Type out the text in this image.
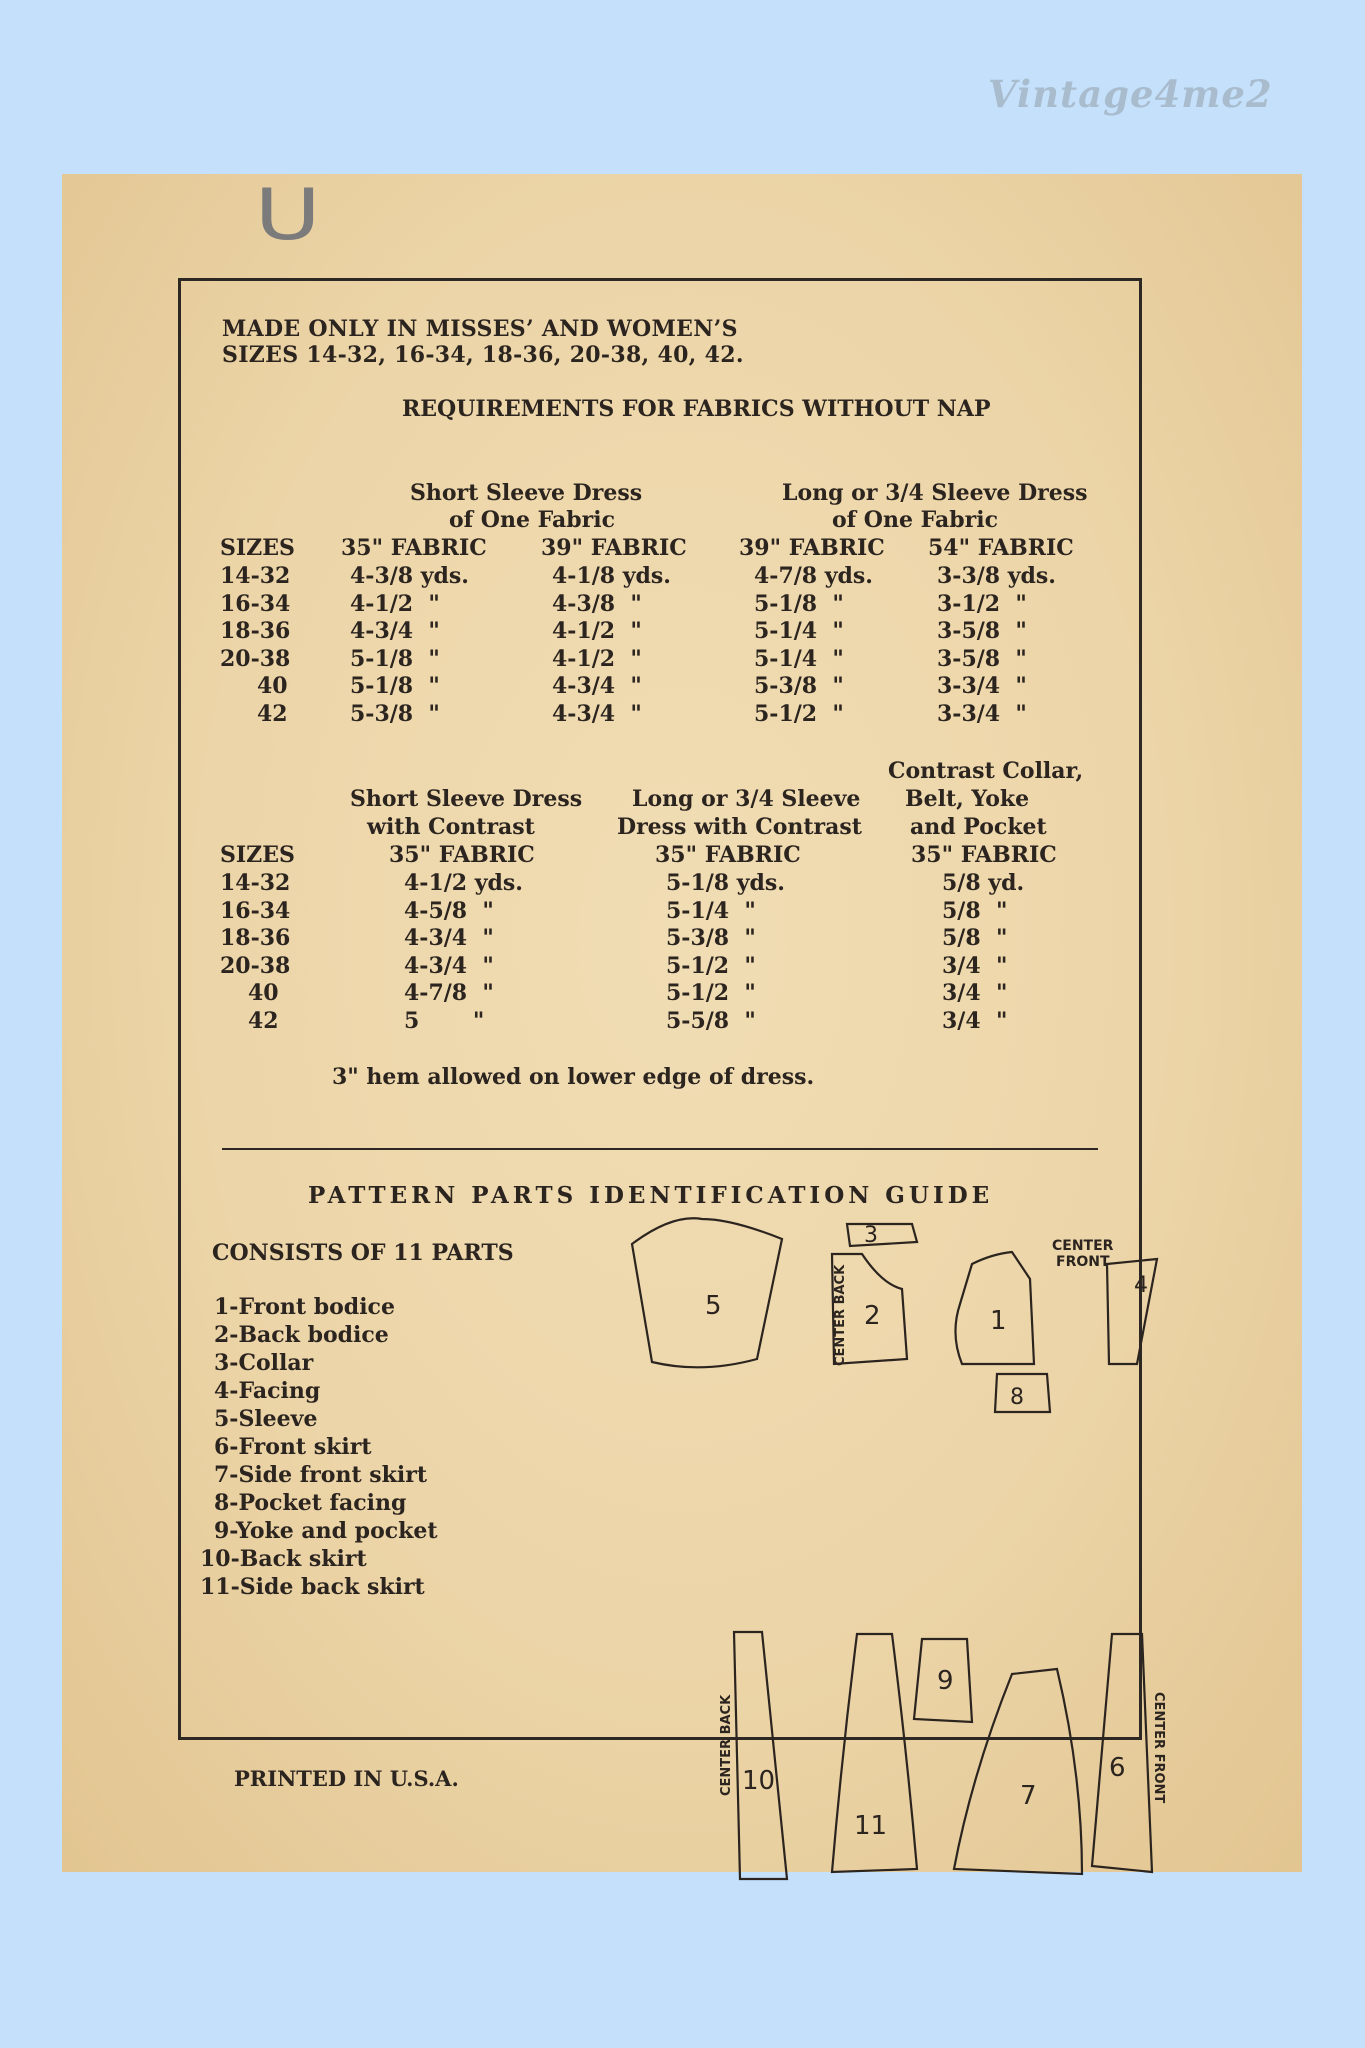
Vintage4me2
U
MADE ONLY IN MISSES’ AND WOMEN’S
SIZES 14-32, 16-34, 18-36, 20-38, 40, 42.
REQUIREMENTS FOR FABRICS WITHOUT NAP
Short Sleeve Dress
of One Fabric
Long or 3/4 Sleeve Dress
of One Fabric
SIZES 35" FABRIC 39" FABRIC 39" FABRIC 54" FABRIC
14-32	4-3/8 yds.	4-1/8 yds.	4-7/8 yds.	3-3/8 yds.
16-34	4-1/2  "	4-3/8  "	5-1/8  "	3-1/2  "
18-36	4-3/4  "	4-1/2  "	5-1/4  "	3-5/8  "
20-38	5-1/8  "	4-1/2  "	5-1/4  "	3-5/8  "
40	5-1/8  "	4-3/4  "	5-3/8  "	3-3/4  "
42	5-3/8  "	4-3/4  "	5-1/2  "	3-3/4  "
Short Sleeve Dress
with Contrast
Long or 3/4 Sleeve
Dress with Contrast
Contrast Collar,
Belt, Yoke
and Pocket
SIZES	35" FABRIC	35" FABRIC	35" FABRIC
14-32	4-1/2 yds.	5-1/8 yds.	5/8 yd.
16-34	4-5/8  "	5-1/4  "	5/8  "
18-36	4-3/4  "	5-3/8  "	5/8  "
20-38	4-3/4  "	5-1/2  "	3/4  "
40	4-7/8  "	5-1/2  "	3/4  "
42	5       "	5-5/8  "	3/4  "
3" hem allowed on lower edge of dress.
PATTERN PARTS IDENTIFICATION GUIDE
CONSISTS OF 11 PARTS
1-Front bodice
2-Back bodice
3-Collar
4-Facing
5-Sleeve
6-Front skirt
7-Side front skirt
8-Pocket facing
9-Yoke and pocket
10-Back skirt
11-Side back skirt
5
3
2
CENTER BACK	1
CENTER
FRONT
4
8
10
11
9
7
6
CENTER BACK	CENTER FRONT
PRINTED IN U.S.A.
